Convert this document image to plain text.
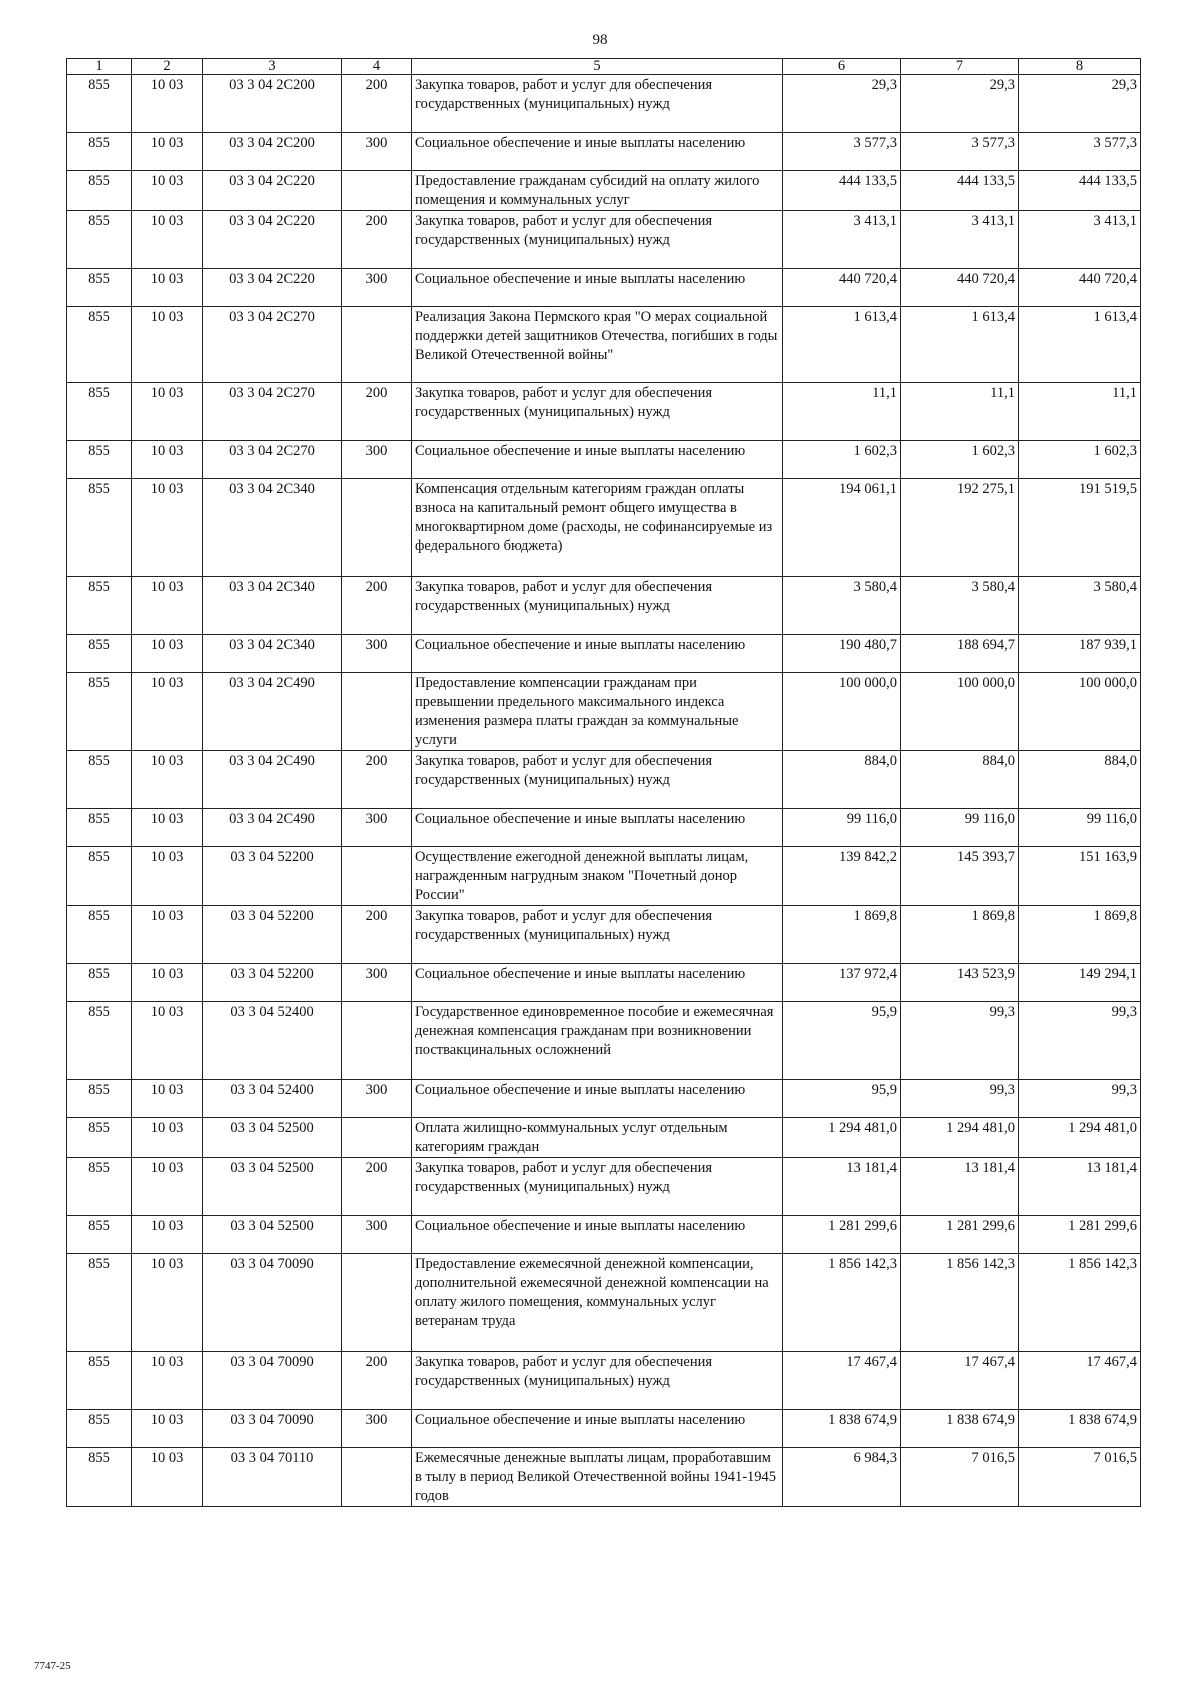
98
1	2	3	4	5	6	7	8
855	10 03	03 3 04 2С200	200	Закупка товаров, работ и услуг для обеспечения государственных (муниципальных) нужд	29,3	29,3	29,3
855	10 03	03 3 04 2С200	300	Социальное обеспечение и иные выплаты населению	3 577,3	3 577,3	3 577,3
855	10 03	03 3 04 2С220		Предоставление гражданам субсидий на оплату жилого помещения и коммунальных услуг	444 133,5	444 133,5	444 133,5
855	10 03	03 3 04 2С220	200	Закупка товаров, работ и услуг для обеспечения государственных (муниципальных) нужд	3 413,1	3 413,1	3 413,1
855	10 03	03 3 04 2С220	300	Социальное обеспечение и иные выплаты населению	440 720,4	440 720,4	440 720,4
855	10 03	03 3 04 2С270		Реализация Закона Пермского края "О мерах социальной поддержки детей защитников Отечества, погибших в годы Великой Отечественной войны"	1 613,4	1 613,4	1 613,4
855	10 03	03 3 04 2С270	200	Закупка товаров, работ и услуг для обеспечения государственных (муниципальных) нужд	11,1	11,1	11,1
855	10 03	03 3 04 2С270	300	Социальное обеспечение и иные выплаты населению	1 602,3	1 602,3	1 602,3
855	10 03	03 3 04 2С340		Компенсация отдельным категориям граждан оплаты взноса на капитальный ремонт общего имущества в многоквартирном доме (расходы, не софинансируемые из федерального бюджета)	194 061,1	192 275,1	191 519,5
855	10 03	03 3 04 2С340	200	Закупка товаров, работ и услуг для обеспечения государственных (муниципальных) нужд	3 580,4	3 580,4	3 580,4
855	10 03	03 3 04 2С340	300	Социальное обеспечение и иные выплаты населению	190 480,7	188 694,7	187 939,1
855	10 03	03 3 04 2С490		Предоставление компенсации гражданам при превышении предельного максимального индекса изменения размера платы граждан за коммунальные услуги	100 000,0	100 000,0	100 000,0
855	10 03	03 3 04 2С490	200	Закупка товаров, работ и услуг для обеспечения государственных (муниципальных) нужд	884,0	884,0	884,0
855	10 03	03 3 04 2С490	300	Социальное обеспечение и иные выплаты населению	99 116,0	99 116,0	99 116,0
855	10 03	03 3 04 52200		Осуществление ежегодной денежной выплаты лицам, награжденным нагрудным знаком "Почетный донор России"	139 842,2	145 393,7	151 163,9
855	10 03	03 3 04 52200	200	Закупка товаров, работ и услуг для обеспечения государственных (муниципальных) нужд	1 869,8	1 869,8	1 869,8
855	10 03	03 3 04 52200	300	Социальное обеспечение и иные выплаты населению	137 972,4	143 523,9	149 294,1
855	10 03	03 3 04 52400		Государственное единовременное пособие и ежемесячная денежная компенсация гражданам при возникновении поствакцинальных осложнений	95,9	99,3	99,3
855	10 03	03 3 04 52400	300	Социальное обеспечение и иные выплаты населению	95,9	99,3	99,3
855	10 03	03 3 04 52500		Оплата жилищно-коммунальных услуг отдельным категориям граждан	1 294 481,0	1 294 481,0	1 294 481,0
855	10 03	03 3 04 52500	200	Закупка товаров, работ и услуг для обеспечения государственных (муниципальных) нужд	13 181,4	13 181,4	13 181,4
855	10 03	03 3 04 52500	300	Социальное обеспечение и иные выплаты населению	1 281 299,6	1 281 299,6	1 281 299,6
855	10 03	03 3 04 70090		Предоставление ежемесячной денежной компенсации, дополнительной ежемесячной денежной компенсации на оплату жилого помещения, коммунальных услуг ветеранам труда	1 856 142,3	1 856 142,3	1 856 142,3
855	10 03	03 3 04 70090	200	Закупка товаров, работ и услуг для обеспечения государственных (муниципальных) нужд	17 467,4	17 467,4	17 467,4
855	10 03	03 3 04 70090	300	Социальное обеспечение и иные выплаты населению	1 838 674,9	1 838 674,9	1 838 674,9
855	10 03	03 3 04 70110		Ежемесячные денежные выплаты лицам, проработавшим в тылу в период Великой Отечественной войны 1941-1945 годов	6 984,3	7 016,5	7 016,5
7747-25
